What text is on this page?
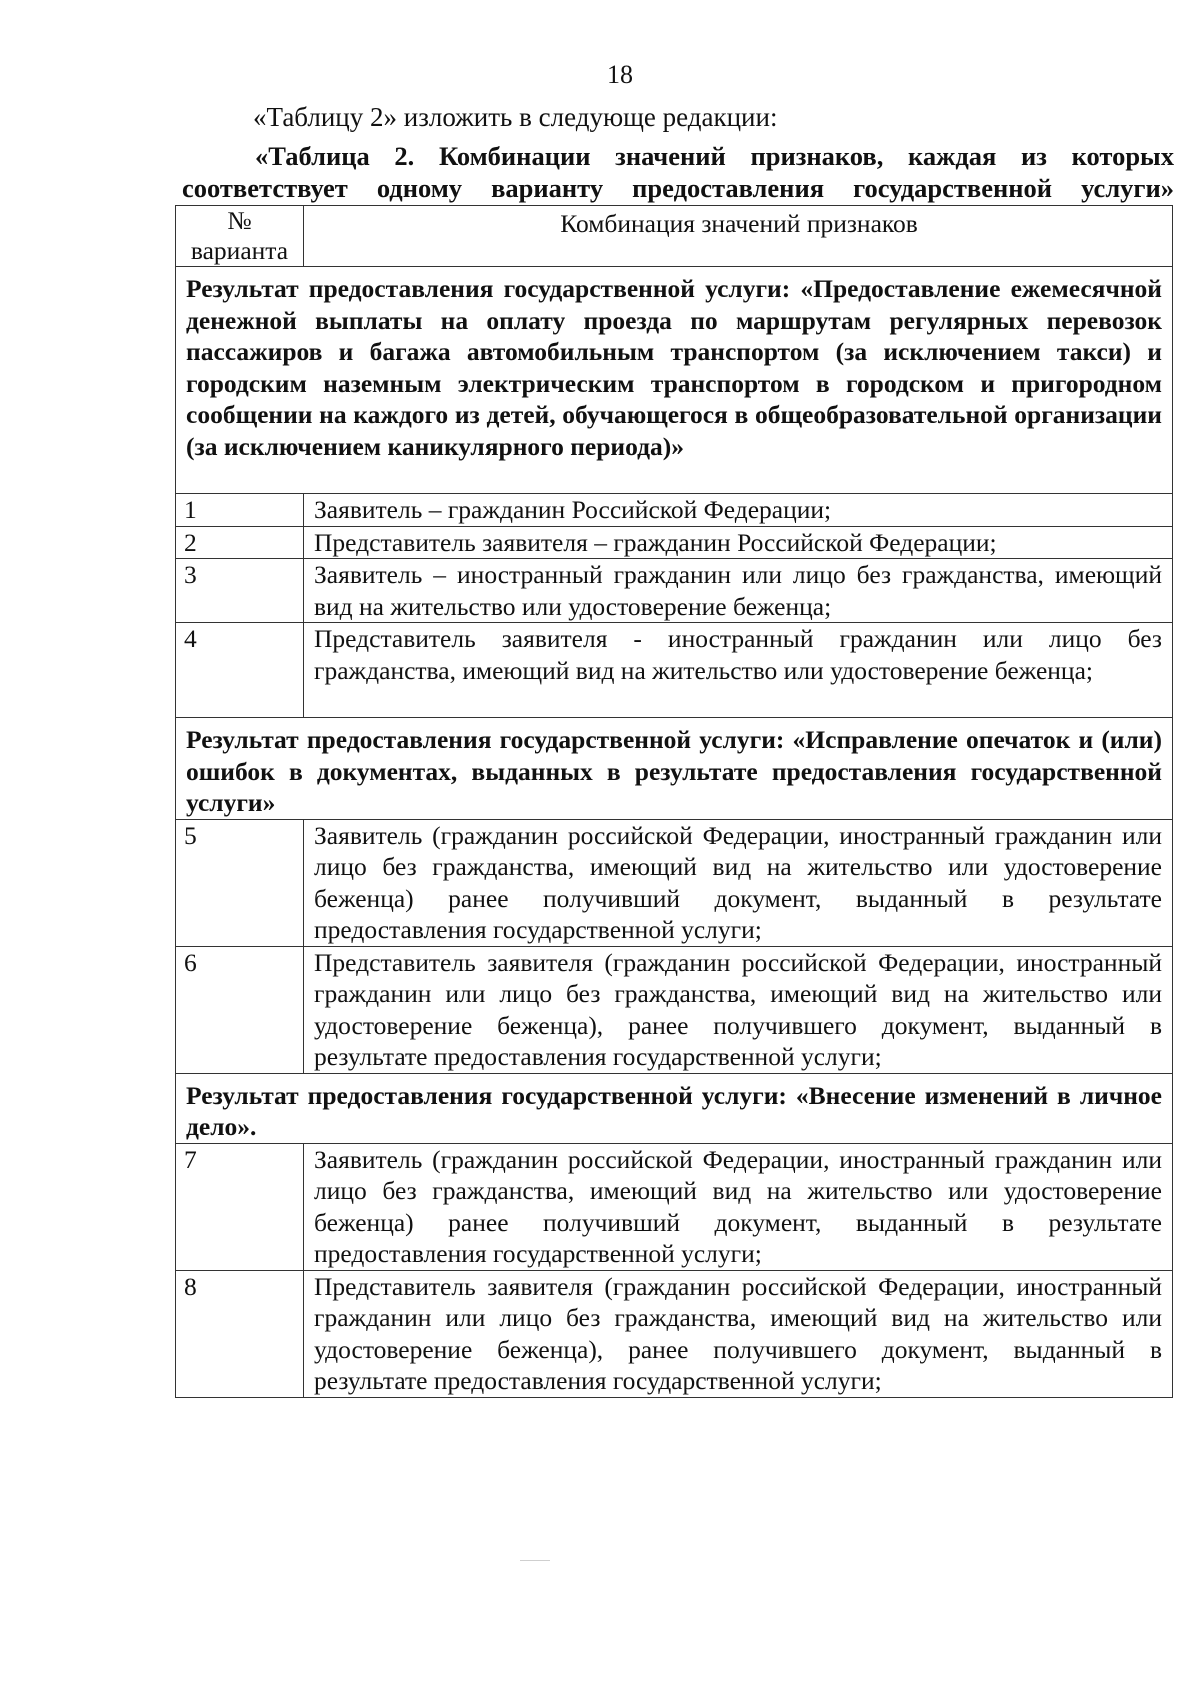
18
«Таблицу 2» изложить в следующе редакции:
«Таблица 2. Комбинации значений признаков, каждая из которых
соответствует одному варианту предоставления государственной услуги»
№
варианта	Комбинация значений признаков

Результат предоставления государственной услуги: «Предоставление ежемесячной денежной выплаты на оплату проезда по маршрутам регулярных перевозок пассажиров и багажа автомобильным транспортом (за исключением такси) и городским наземным электрическим транспортом в городском и пригородном сообщении на каждого из детей, обучающегося в общеобразовательной организации (за исключением каникулярного периода)»	

1	Заявитель – гражданин Российской Федерации;
2	Представитель заявителя – гражданин Российской Федерации;
3	Заявитель – иностранный гражданин или лицо без гражданства, имеющий вид на жительство или удостоверение беженца;
4	Представитель заявителя - иностранный гражданин или лицо без гражданства, имеющий вид на жительство или удостоверение беженца;

Результат предоставления государственной услуги: «Исправление опечаток и (или) ошибок в документах, выданных в результате предоставления государственной услуги»	

5	Заявитель (гражданин российской Федерации, иностранный гражданин или лицо без гражданства, имеющий вид на жительство или удостоверение беженца) ранее получивший документ, выданный в результате предоставления государственной услуги;
6	Представитель заявителя (гражданин российской Федерации, иностранный гражданин или лицо без гражданства, имеющий вид на жительство или удостоверение беженца), ранее получившего документ, выданный в результате предоставления государственной услуги;

Результат предоставления государственной услуги: «Внесение изменений в личное дело».	

7	Заявитель (гражданин российской Федерации, иностранный гражданин или лицо без гражданства, имеющий вид на жительство или удостоверение беженца) ранее получивший документ, выданный в результате предоставления государственной услуги;
8	Представитель заявителя (гражданин российской Федерации, иностранный гражданин или лицо без гражданства, имеющий вид на жительство или удостоверение беженца), ранее получившего документ, выданный в результате предоставления государственной услуги;
